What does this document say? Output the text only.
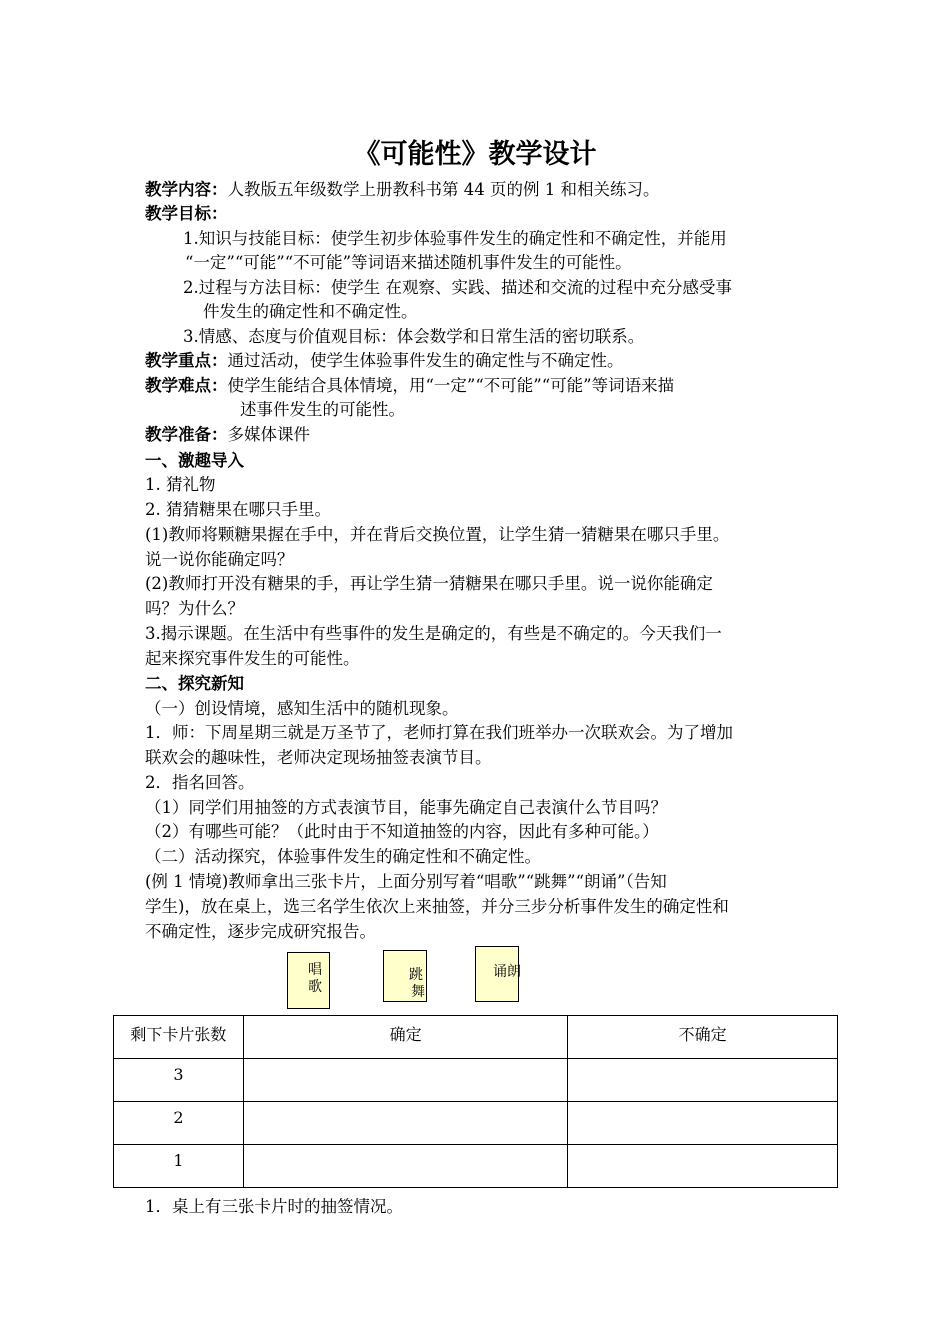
《可能性》教学设计
教学内容：人教版五年级数学上册教科书第 44 页的例 1 和相关练习。
教学目标：
1.知识与技能目标：使学生初步体验事件发生的确定性和不确定性，并能用
“一定”“可能”“不可能”等词语来描述随机事件发生的可能性。
2.过程与方法目标：使学生 在观察、实践、描述和交流的过程中充分感受事
件发生的确定性和不确定性。
3.情感、态度与价值观目标：体会数学和日常生活的密切联系。
教学重点：通过活动，使学生体验事件发生的确定性与不确定性。
教学难点：使学生能结合具体情境，用“一定”“不可能”“可能”等词语来描
述事件发生的可能性。
教学准备：多媒体课件
一、激趣导入
1. 猜礼物
2. 猜猜糖果在哪只手里。
(1)教师将颗糖果握在手中，并在背后交换位置，让学生猜一猜糖果在哪只手里。
说一说你能确定吗？
(2)教师打开没有糖果的手，再让学生猜一猜糖果在哪只手里。说一说你能确定
吗？为什么？
3.揭示课题。在生活中有些事件的发生是确定的，有些是不确定的。今天我们一
起来探究事件发生的可能性。
二、探究新知
（一）创设情境，感知生活中的随机现象。
1．师：下周星期三就是万圣节了，老师打算在我们班举办一次联欢会。为了增加
联欢会的趣味性，老师决定现场抽签表演节目。
2．指名回答。
（1）同学们用抽签的方式表演节目，能事先确定自己表演什么节目吗？
（2）有哪些可能？（此时由于不知道抽签的内容，因此有多种可能。）
（二）活动探究，体验事件发生的确定性和不确定性。
(例 1 情境)教师拿出三张卡片，上面分别写着“唱歌”“跳舞”“朗诵”（告知
学生)，放在桌上，选三名学生依次上来抽签，并分三步分析事件发生的确定性和
不确定性，逐步完成研究报告。
唱
歌
跳
舞
诵朗
剩下卡片张数	确定	不确定
3		
2		
1		
1．桌上有三张卡片时的抽签情况。
